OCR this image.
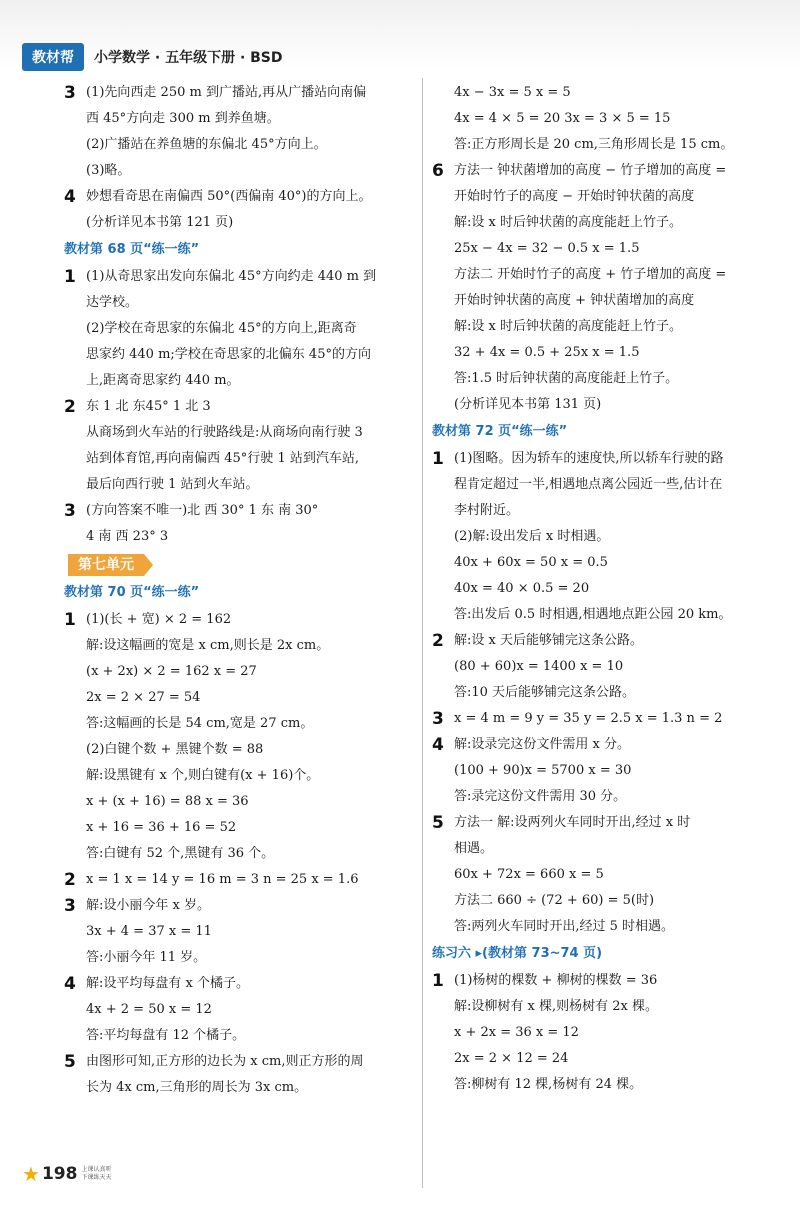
教材帮	小学数学 · 五年级下册 · BSD
3 (1)先向西走 250 m 到广播站,再从广播站向南偏
西 45°方向走 300 m 到养鱼塘。
(2)广播站在养鱼塘的东偏北 45°方向上。
(3)略。
4 妙想看奇思在南偏西 50°(西偏南 40°)的方向上。
(分析详见本书第 121 页)
教材第 68 页“练一练”
1 (1)从奇思家出发向东偏北 45°方向约走 440 m 到
达学校。
(2)学校在奇思家的东偏北 45°的方向上,距离奇
思家约 440 m;学校在奇思家的北偏东 45°的方向
上,距离奇思家约 440 m。
2 东 1 北 东45° 1 北 3
从商场到火车站的行驶路线是:从商场向南行驶 3
站到体育馆,再向南偏西 45°行驶 1 站到汽车站,
最后向西行驶 1 站到火车站。
3 (方向答案不唯一)北 西 30° 1 东 南 30°
4 南 西 23° 3
第七单元
教材第 70 页“练一练”
1 (1)(长 + 宽) × 2 = 162
解:设这幅画的宽是 x cm,则长是 2x cm。
(x + 2x) × 2 = 162 x = 27
2x = 2 × 27 = 54
答:这幅画的长是 54 cm,宽是 27 cm。
(2)白键个数 + 黑键个数 = 88
解:设黑键有 x 个,则白键有(x + 16)个。
x + (x + 16) = 88 x = 36
x + 16 = 36 + 16 = 52
答:白键有 52 个,黑键有 36 个。
2 x = 1 x = 14 y = 16 m = 3 n = 25 x = 1.6
3 解:设小丽今年 x 岁。
3x + 4 = 37 x = 11
答:小丽今年 11 岁。
4 解:设平均每盘有 x 个橘子。
4x + 2 = 50 x = 12
答:平均每盘有 12 个橘子。
5 由图形可知,正方形的边长为 x cm,则正方形的周
长为 4x cm,三角形的周长为 3x cm。
4x − 3x = 5 x = 5
4x = 4 × 5 = 20 3x = 3 × 5 = 15
答:正方形周长是 20 cm,三角形周长是 15 cm。
6 方法一 钟状菌增加的高度 − 竹子增加的高度 =
开始时竹子的高度 − 开始时钟状菌的高度
解:设 x 时后钟状菌的高度能赶上竹子。
25x − 4x = 32 − 0.5 x = 1.5
方法二 开始时竹子的高度 + 竹子增加的高度 =
开始时钟状菌的高度 + 钟状菌增加的高度
解:设 x 时后钟状菌的高度能赶上竹子。
32 + 4x = 0.5 + 25x x = 1.5
答:1.5 时后钟状菌的高度能赶上竹子。
(分析详见本书第 131 页)
教材第 72 页“练一练”
1 (1)图略。因为轿车的速度快,所以轿车行驶的路
程肯定超过一半,相遇地点离公园近一些,估计在
李村附近。
(2)解:设出发后 x 时相遇。
40x + 60x = 50 x = 0.5
40x = 40 × 0.5 = 20
答:出发后 0.5 时相遇,相遇地点距公园 20 km。
2 解:设 x 天后能够铺完这条公路。
(80 + 60)x = 1400 x = 10
答:10 天后能够铺完这条公路。
3 x = 4 m = 9 y = 35 y = 2.5 x = 1.3 n = 2
4 解:设录完这份文件需用 x 分。
(100 + 90)x = 5700 x = 30
答:录完这份文件需用 30 分。
5 方法一 解:设两列火车同时开出,经过 x 时
相遇。
60x + 72x = 660 x = 5
方法二 660 ÷ (72 + 60) = 5(时)
答:两列火车同时开出,经过 5 时相遇。
练习六 ▸(教材第 73~74 页)
1 (1)杨树的棵数 + 柳树的棵数 = 36
解:设柳树有 x 棵,则杨树有 2x 棵。
x + 2x = 36 x = 12
2x = 2 × 12 = 24
答:柳树有 12 棵,杨树有 24 棵。
★ 198 上课认真听
下课练天天
